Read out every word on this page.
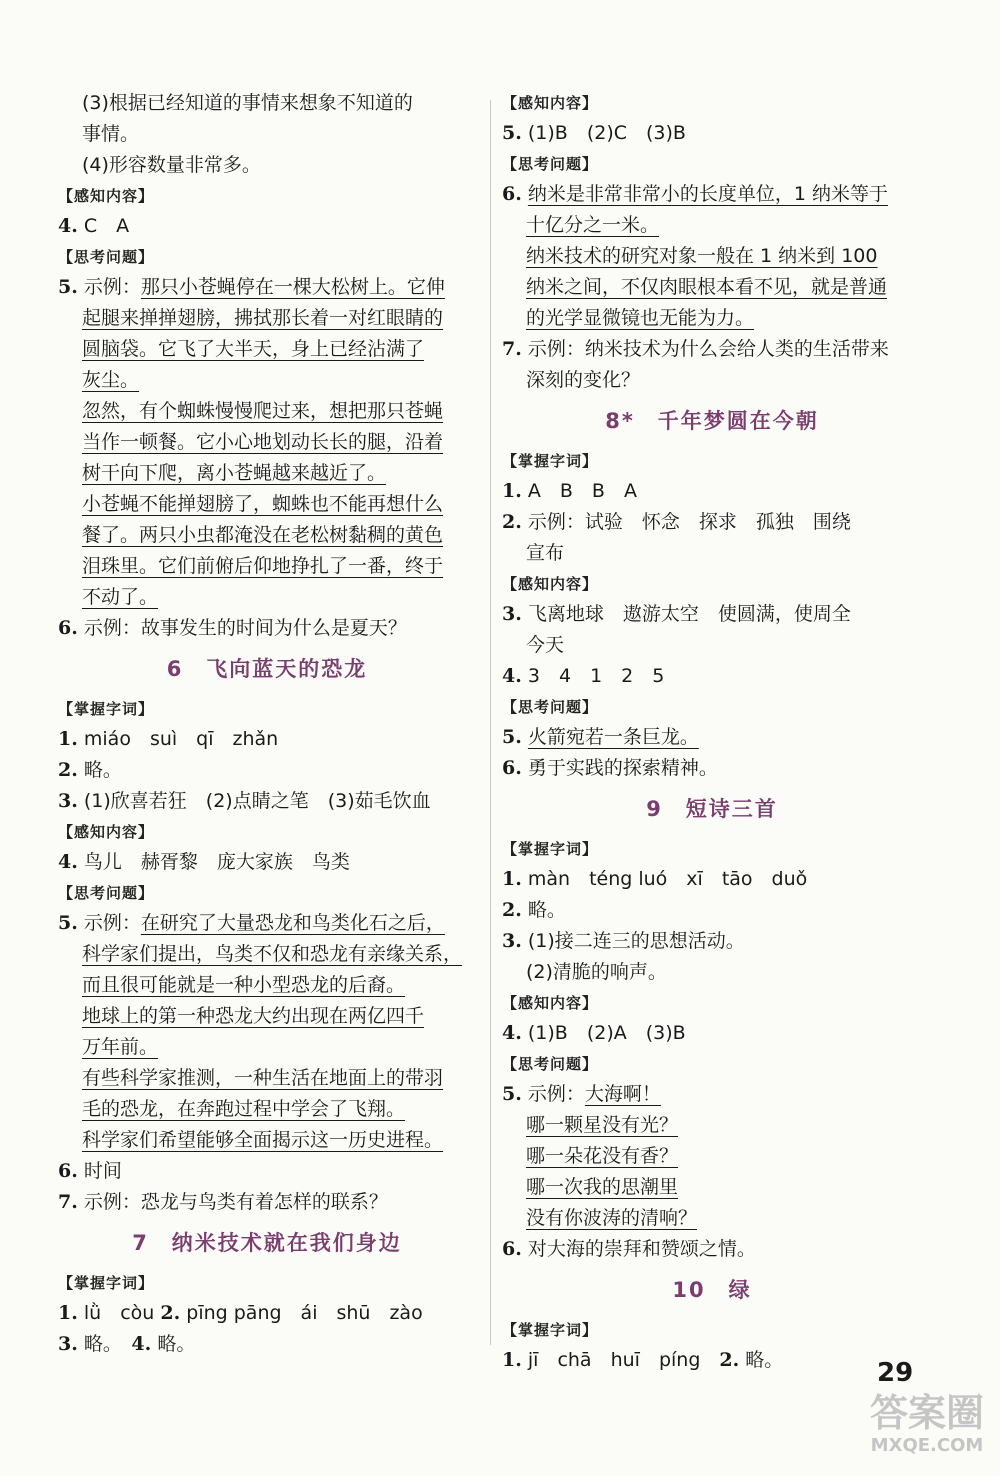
(3)根据已经知道的事情来想象不知道的
事情。
(4)形容数量非常多。
【感知内容】
4. C　A
【思考问题】
5. 示例：那只小苍蝇停在一棵大松树上。它伸
起腿来掸掸翅膀，拂拭那长着一对红眼睛的
圆脑袋。它飞了大半天，身上已经沾满了
灰尘。
忽然，有个蜘蛛慢慢爬过来，想把那只苍蝇
当作一顿餐。它小心地划动长长的腿，沿着
树干向下爬，离小苍蝇越来越近了。
小苍蝇不能掸翅膀了，蜘蛛也不能再想什么
餐了。两只小虫都淹没在老松树黏稠的黄色
泪珠里。它们前俯后仰地挣扎了一番，终于
不动了。
6. 示例：故事发生的时间为什么是夏天？
6　飞向蓝天的恐龙
【掌握字词】
1. miáo　suì　qī　zhǎn
2. 略。
3. (1)欣喜若狂　(2)点睛之笔　(3)茹毛饮血
【感知内容】
4. 鸟儿　赫胥黎　庞大家族　鸟类
【思考问题】
5. 示例：在研究了大量恐龙和鸟类化石之后，
科学家们提出，鸟类不仅和恐龙有亲缘关系，
而且很可能就是一种小型恐龙的后裔。
地球上的第一种恐龙大约出现在两亿四千
万年前。
有些科学家推测，一种生活在地面上的带羽
毛的恐龙，在奔跑过程中学会了飞翔。
科学家们希望能够全面揭示这一历史进程。
6. 时间
7. 示例：恐龙与鸟类有着怎样的联系？
7　纳米技术就在我们身边
【掌握字词】
1. lǜ　còu 2. pīng pāng　ái　shū　zào
3. 略。　 4. 略。
【感知内容】
5. (1)B　(2)C　(3)B
【思考问题】
6. 纳米是非常非常小的长度单位，1 纳米等于
十亿分之一米。
纳米技术的研究对象一般在 1 纳米到 100
纳米之间，不仅肉眼根本看不见，就是普通
的光学显微镜也无能为力。
7. 示例：纳米技术为什么会给人类的生活带来
深刻的变化？
8*　千年梦圆在今朝
【掌握字词】
1. A　B　B　A
2. 示例：试验　怀念　探求　孤独　围绕
宣布
【感知内容】
3. 飞离地球　遨游太空　使圆满，使周全
今天
4. 3　4　1　2　5
【思考问题】
5. 火箭宛若一条巨龙。
6. 勇于实践的探索精神。
9　短诗三首
【掌握字词】
1. màn　téng luó　xī　tāo　duǒ
2. 略。
3. (1)接二连三的思想活动。
(2)清脆的响声。
【感知内容】
4. (1)B　(2)A　(3)B
【思考问题】
5. 示例：大海啊！
哪一颗星没有光？
哪一朵花没有香？
哪一次我的思潮里
没有你波涛的清响？
6. 对大海的崇拜和赞颂之情。
10　绿
【掌握字词】
1. jī　chā　huī　píng　 2. 略。	29
答案圈
MXQE.COM
